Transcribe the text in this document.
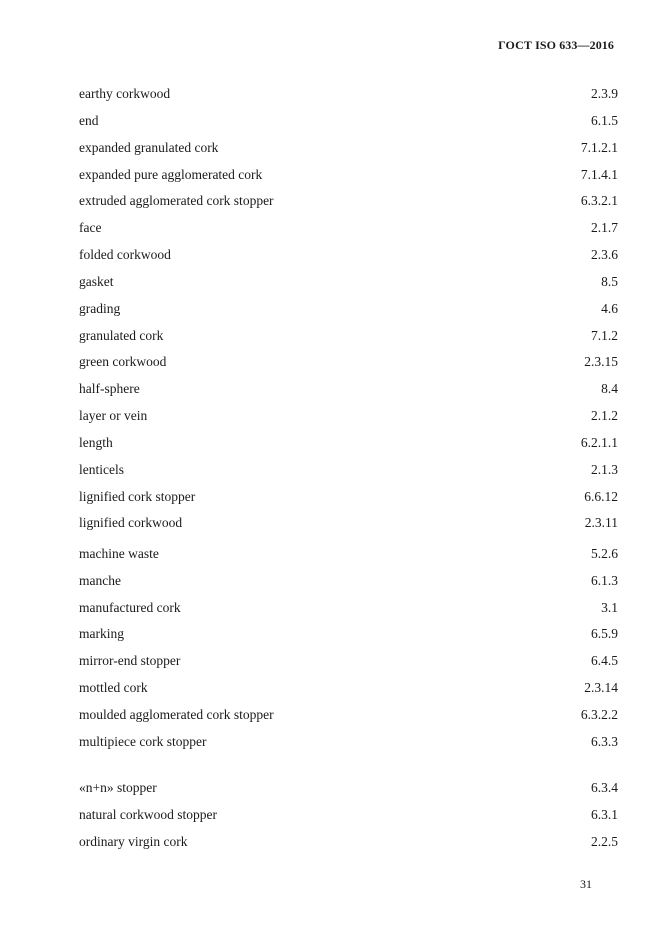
ГОСТ ISO 633—2016
earthy corkwood	2.3.9
end	6.1.5
expanded granulated cork	7.1.2.1
expanded pure agglomerated cork	7.1.4.1
extruded agglomerated cork stopper	6.3.2.1
face	2.1.7
folded corkwood	2.3.6
gasket	8.5
grading	4.6
granulated cork	7.1.2
green corkwood	2.3.15
half-sphere	8.4
layer or vein	2.1.2
length	6.2.1.1
lenticels	2.1.3
lignified cork stopper	6.6.12
lignified corkwood	2.3.11
machine waste	5.2.6
manche	6.1.3
manufactured cork	3.1
marking	6.5.9
mirror-end stopper	6.4.5
mottled cork	2.3.14
moulded agglomerated cork stopper	6.3.2.2
multipiece cork stopper	6.3.3
«n+n» stopper	6.3.4
natural corkwood stopper	6.3.1
ordinary virgin cork	2.2.5
31
